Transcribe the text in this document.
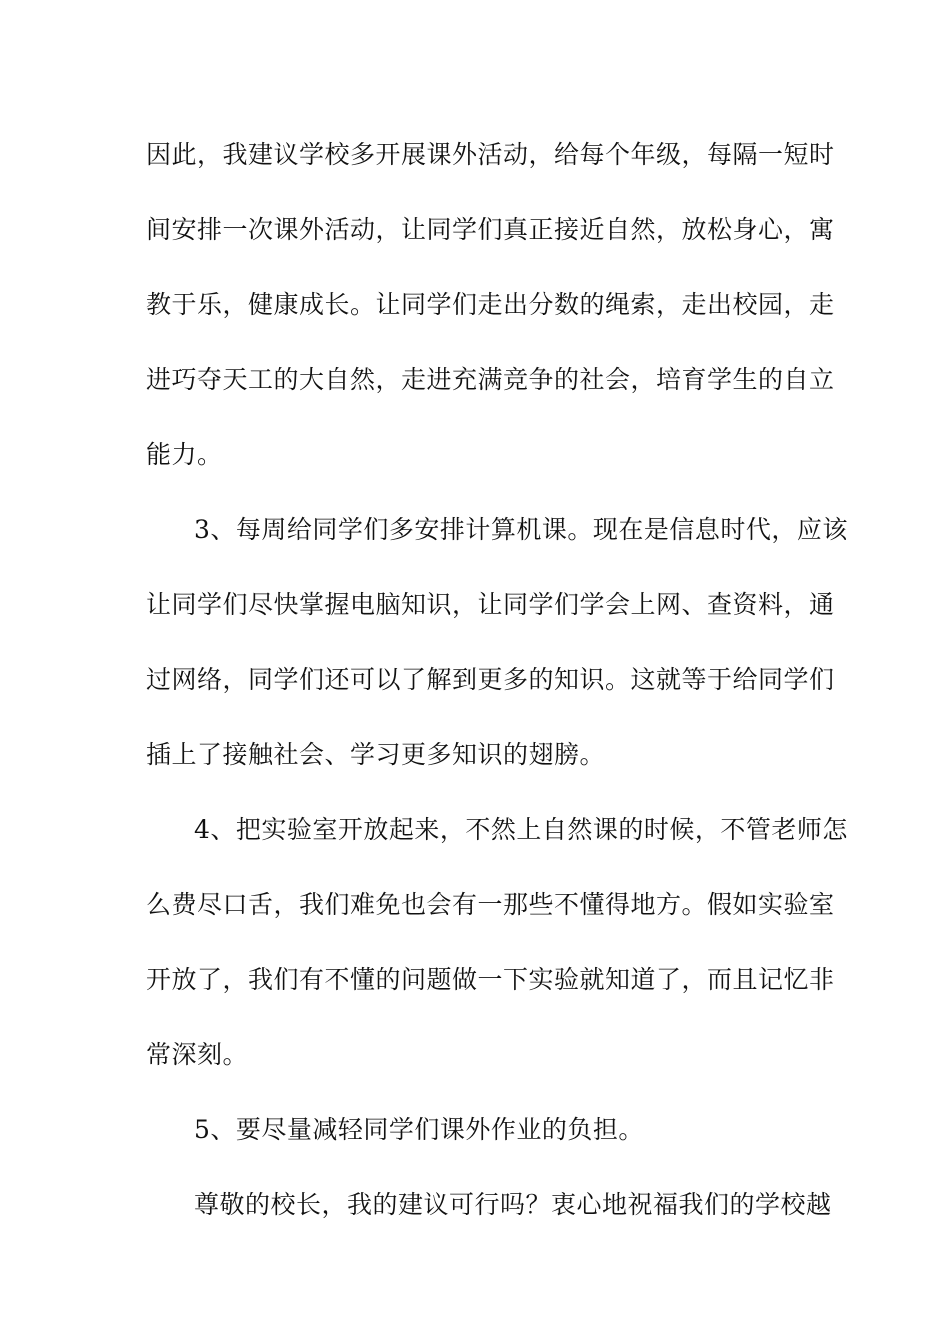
因此，我建议学校多开展课外活动，给每个年级，每隔一短时
间安排一次课外活动，让同学们真正接近自然，放松身心，寓
教于乐，健康成长。让同学们走出分数的绳索，走出校园，走
进巧夺天工的大自然，走进充满竞争的社会，培育学生的自立
能力。
3、每周给同学们多安排计算机课。现在是信息时代，应该
让同学们尽快掌握电脑知识，让同学们学会上网、查资料，通
过网络，同学们还可以了解到更多的知识。这就等于给同学们
插上了接触社会、学习更多知识的翅膀。
4、把实验室开放起来，不然上自然课的时候，不管老师怎
么费尽口舌，我们难免也会有一那些不懂得地方。假如实验室
开放了，我们有不懂的问题做一下实验就知道了，而且记忆非
常深刻。
5、要尽量减轻同学们课外作业的负担。
尊敬的校长，我的建议可行吗？衷心地祝福我们的学校越
